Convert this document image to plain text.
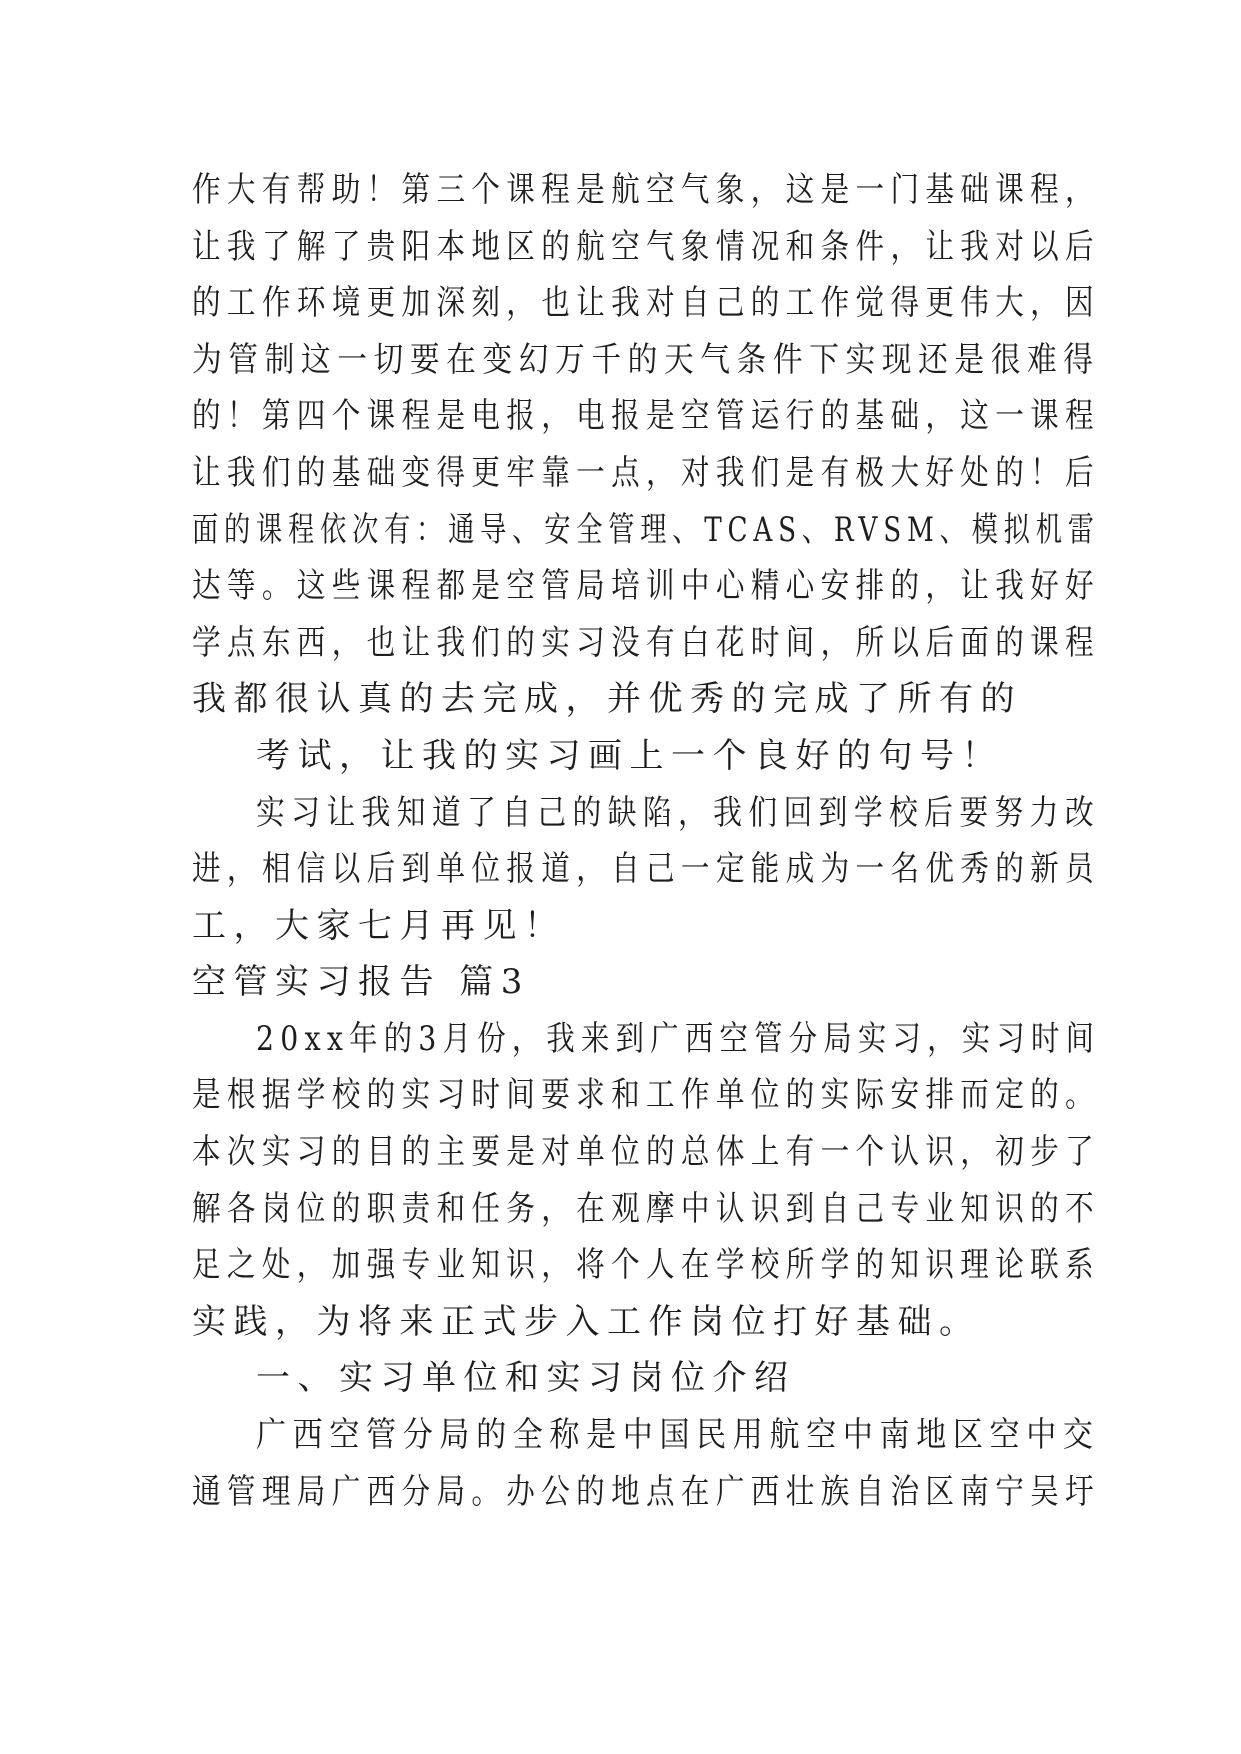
作大有帮助！第三个课程是航空气象，这是一门基础课程，
让我了解了贵阳本地区的航空气象情况和条件，让我对以后
的工作环境更加深刻，也让我对自己的工作觉得更伟大，因
为管制这一切要在变幻万千的天气条件下实现还是很难得
的！第四个课程是电报，电报是空管运行的基础，这一课程
让我们的基础变得更牢靠一点，对我们是有极大好处的！后
面的课程依次有：通导、安全管理、TCAS、RVSM、模拟机雷
达等。这些课程都是空管局培训中心精心安排的，让我好好
学点东西，也让我们的实习没有白花时间，所以后面的课程
我都很认真的去完成，并优秀的完成了所有的
考试，让我的实习画上一个良好的句号！
实习让我知道了自己的缺陷，我们回到学校后要努力改
进，相信以后到单位报道，自己一定能成为一名优秀的新员
工，大家七月再见！
空管实习报告 篇3
20xx年的3月份，我来到广西空管分局实习，实习时间
是根据学校的实习时间要求和工作单位的实际安排而定的。
本次实习的目的主要是对单位的总体上有一个认识，初步了
解各岗位的职责和任务，在观摩中认识到自己专业知识的不
足之处，加强专业知识，将个人在学校所学的知识理论联系
实践，为将来正式步入工作岗位打好基础。
一、实习单位和实习岗位介绍
广西空管分局的全称是中国民用航空中南地区空中交
通管理局广西分局。办公的地点在广西壮族自治区南宁吴圩
